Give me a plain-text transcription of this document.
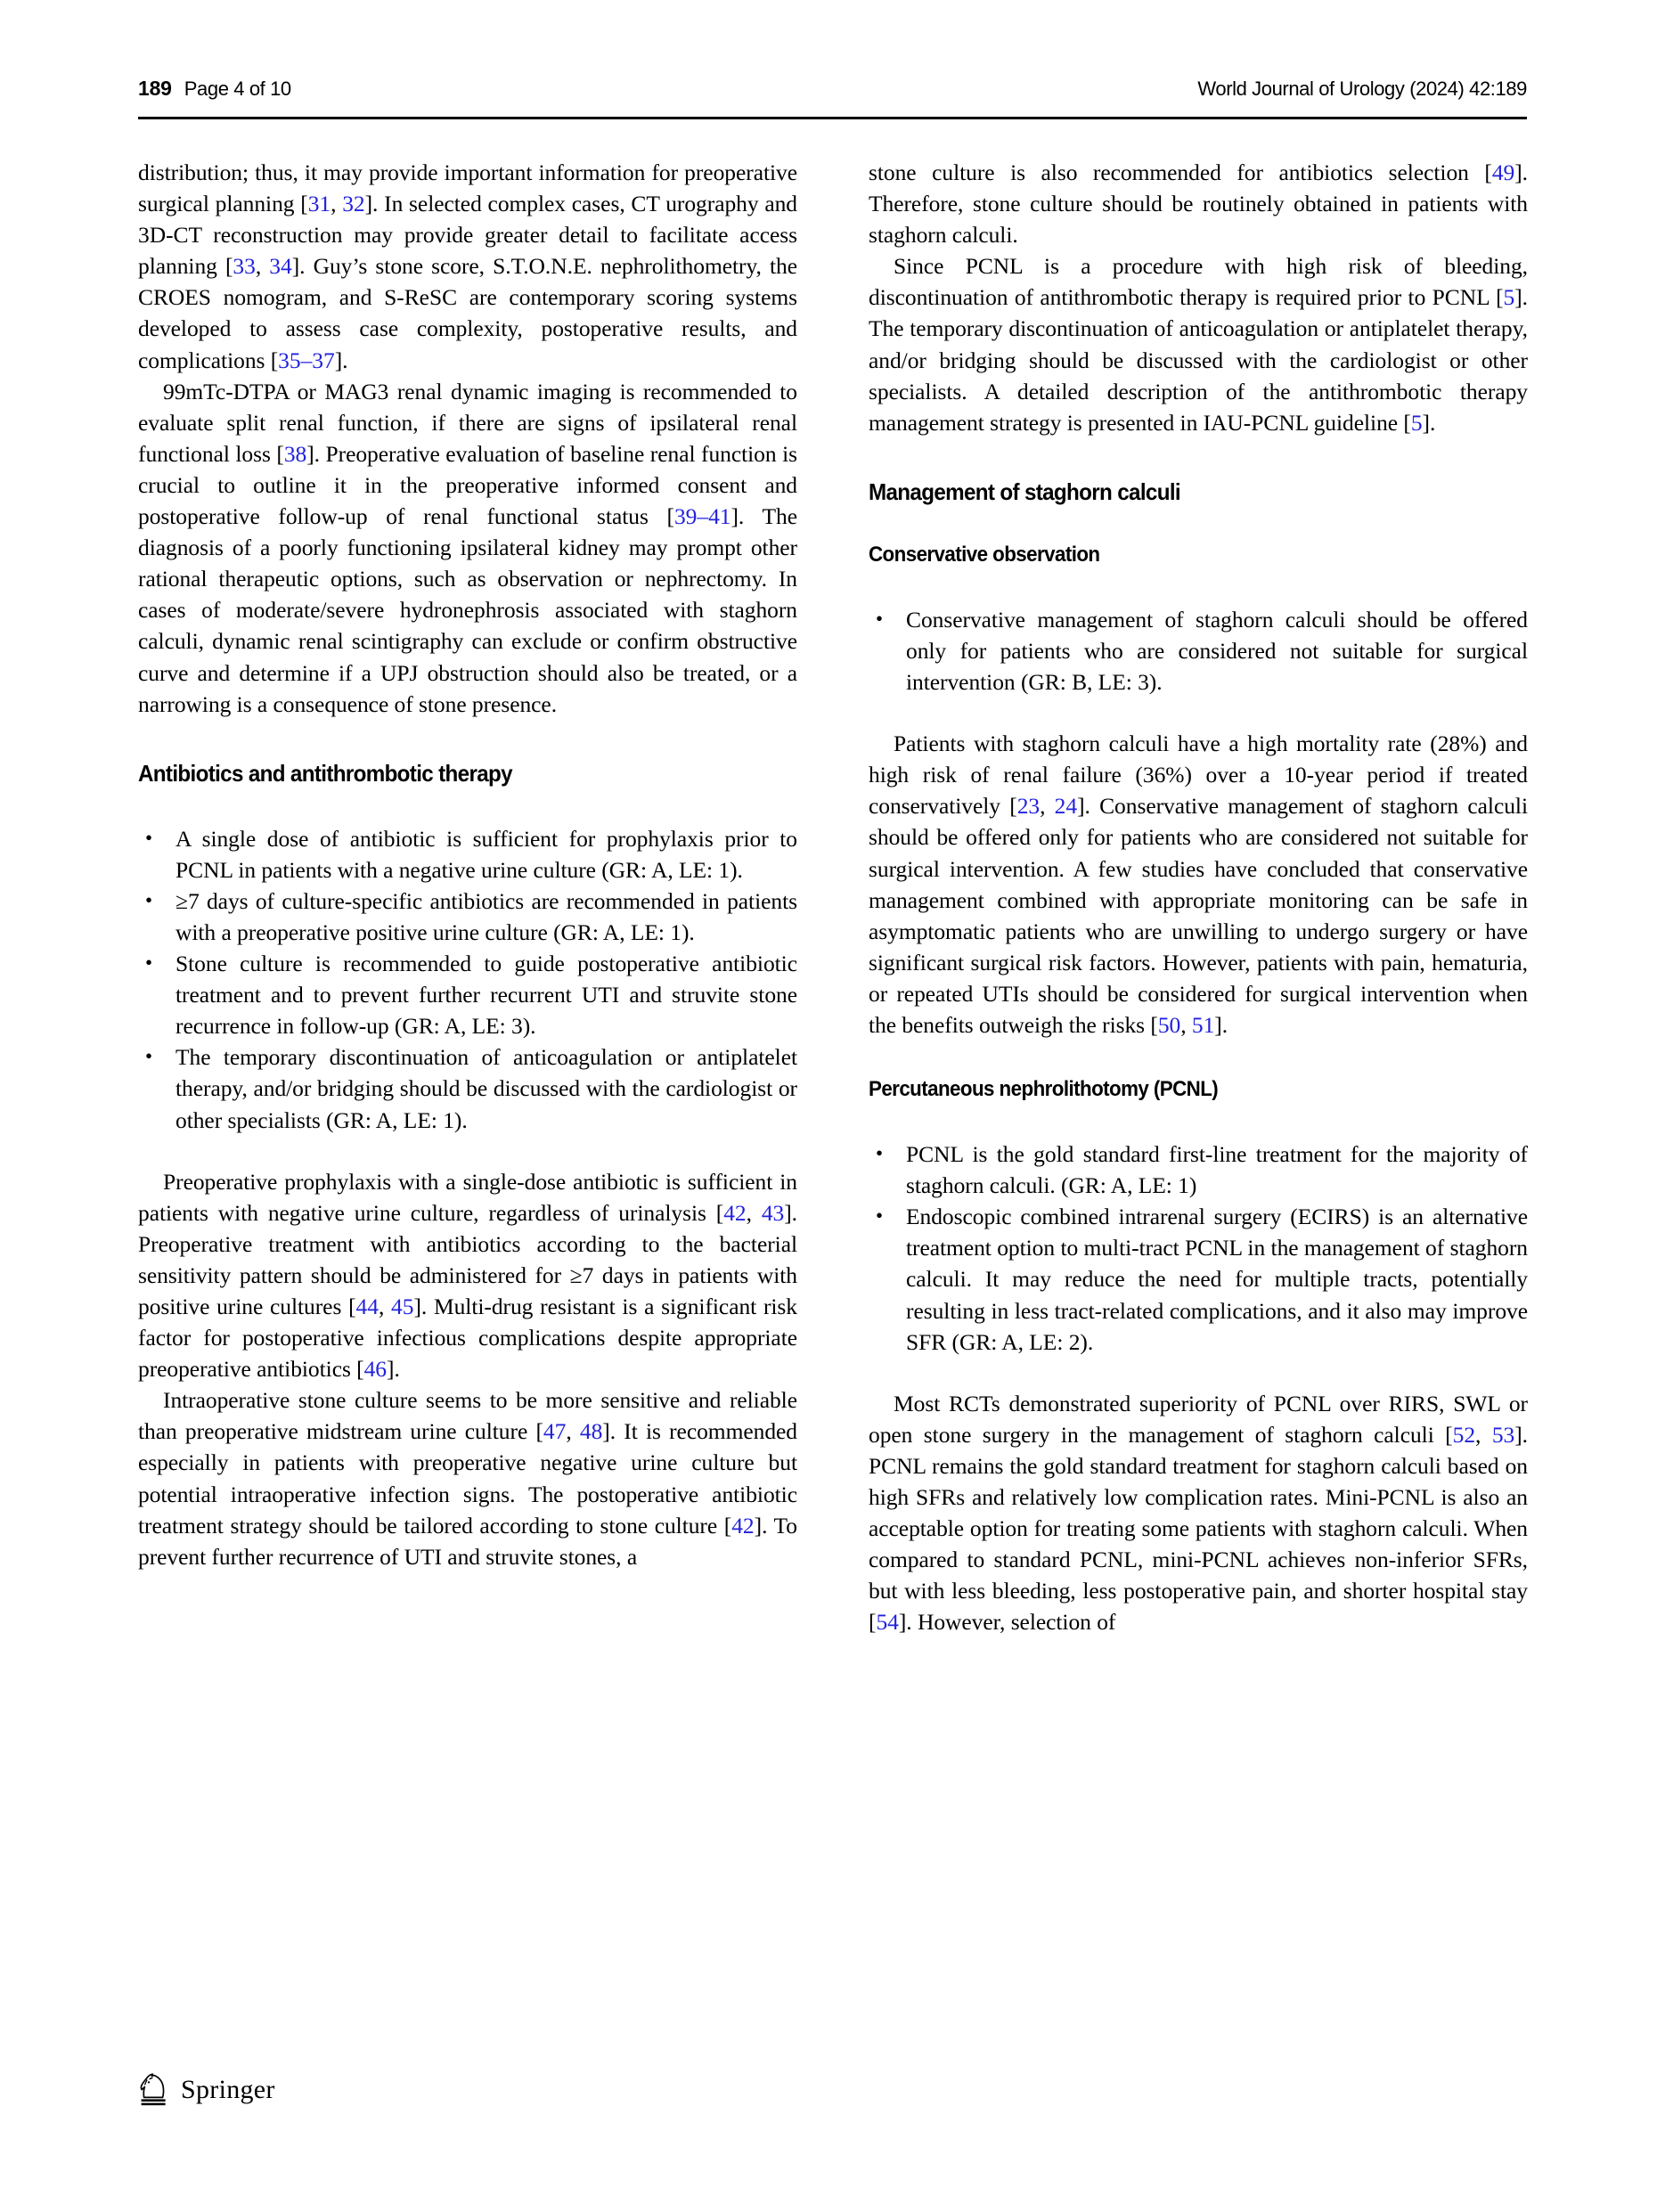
189 Page 4 of 10	World Journal of Urology (2024) 42:189

distribution; thus, it may provide important information for preoperative surgical planning [31, 32]. In selected complex cases, CT urography and 3D-CT reconstruction may provide greater detail to facilitate access planning [33, 34]. Guy’s stone score, S.T.O.N.E. nephrolithometry, the CROES nomogram, and S-ReSC are contemporary scoring systems developed to assess case complexity, postoperative results, and complications [35–37].

99mTc-DTPA or MAG3 renal dynamic imaging is recommended to evaluate split renal function, if there are signs of ipsilateral renal functional loss [38]. Preoperative evaluation of baseline renal function is crucial to outline it in the preoperative informed consent and postoperative follow-up of renal functional status [39–41]. The diagnosis of a poorly functioning ipsilateral kidney may prompt other rational therapeutic options, such as observation or nephrectomy. In cases of moderate/severe hydronephrosis associated with staghorn calculi, dynamic renal scintigraphy can exclude or confirm obstructive curve and determine if a UPJ obstruction should also be treated, or a narrowing is a consequence of stone presence.

Antibiotics and antithrombotic therapy
• A single dose of antibiotic is sufficient for prophylaxis prior to PCNL in patients with a negative urine culture (GR: A, LE: 1).
• ≥7 days of culture-specific antibiotics are recommended in patients with a preoperative positive urine culture (GR: A, LE: 1).
• Stone culture is recommended to guide postoperative antibiotic treatment and to prevent further recurrent UTI and struvite stone recurrence in follow-up (GR: A, LE: 3).
• The temporary discontinuation of anticoagulation or antiplatelet therapy, and/or bridging should be discussed with the cardiologist or other specialists (GR: A, LE: 1).

Preoperative prophylaxis with a single-dose antibiotic is sufficient in patients with negative urine culture, regardless of urinalysis [42, 43]. Preoperative treatment with antibiotics according to the bacterial sensitivity pattern should be administered for ≥7 days in patients with positive urine cultures [44, 45]. Multi-drug resistant is a significant risk factor for postoperative infectious complications despite appropriate preoperative antibiotics [46].

Intraoperative stone culture seems to be more sensitive and reliable than preoperative midstream urine culture [47, 48]. It is recommended especially in patients with preoperative negative urine culture but potential intraoperative infection signs. The postoperative antibiotic treatment strategy should be tailored according to stone culture [42]. To prevent further recurrence of UTI and struvite stones, a

stone culture is also recommended for antibiotics selection [49]. Therefore, stone culture should be routinely obtained in patients with staghorn calculi.

Since PCNL is a procedure with high risk of bleeding, discontinuation of antithrombotic therapy is required prior to PCNL [5]. The temporary discontinuation of anticoagulation or antiplatelet therapy, and/or bridging should be discussed with the cardiologist or other specialists. A detailed description of the antithrombotic therapy management strategy is presented in IAU-PCNL guideline [5].

Management of staghorn calculi
Conservative observation
• Conservative management of staghorn calculi should be offered only for patients who are considered not suitable for surgical intervention (GR: B, LE: 3).

Patients with staghorn calculi have a high mortality rate (28%) and high risk of renal failure (36%) over a 10-year period if treated conservatively [23, 24]. Conservative management of staghorn calculi should be offered only for patients who are considered not suitable for surgical intervention. A few studies have concluded that conservative management combined with appropriate monitoring can be safe in asymptomatic patients who are unwilling to undergo surgery or have significant surgical risk factors. However, patients with pain, hematuria, or repeated UTIs should be considered for surgical intervention when the benefits outweigh the risks [50, 51].

Percutaneous nephrolithotomy (PCNL)
• PCNL is the gold standard first-line treatment for the majority of staghorn calculi. (GR: A, LE: 1)
• Endoscopic combined intrarenal surgery (ECIRS) is an alternative treatment option to multi-tract PCNL in the management of staghorn calculi. It may reduce the need for multiple tracts, potentially resulting in less tract-related complications, and it also may improve SFR (GR: A, LE: 2).

Most RCTs demonstrated superiority of PCNL over RIRS, SWL or open stone surgery in the management of staghorn calculi [52, 53]. PCNL remains the gold standard treatment for staghorn calculi based on high SFRs and relatively low complication rates. Mini-PCNL is also an acceptable option for treating some patients with staghorn calculi. When compared to standard PCNL, mini-PCNL achieves non-inferior SFRs, but with less bleeding, less postoperative pain, and shorter hospital stay [54]. However, selection of

Springer
